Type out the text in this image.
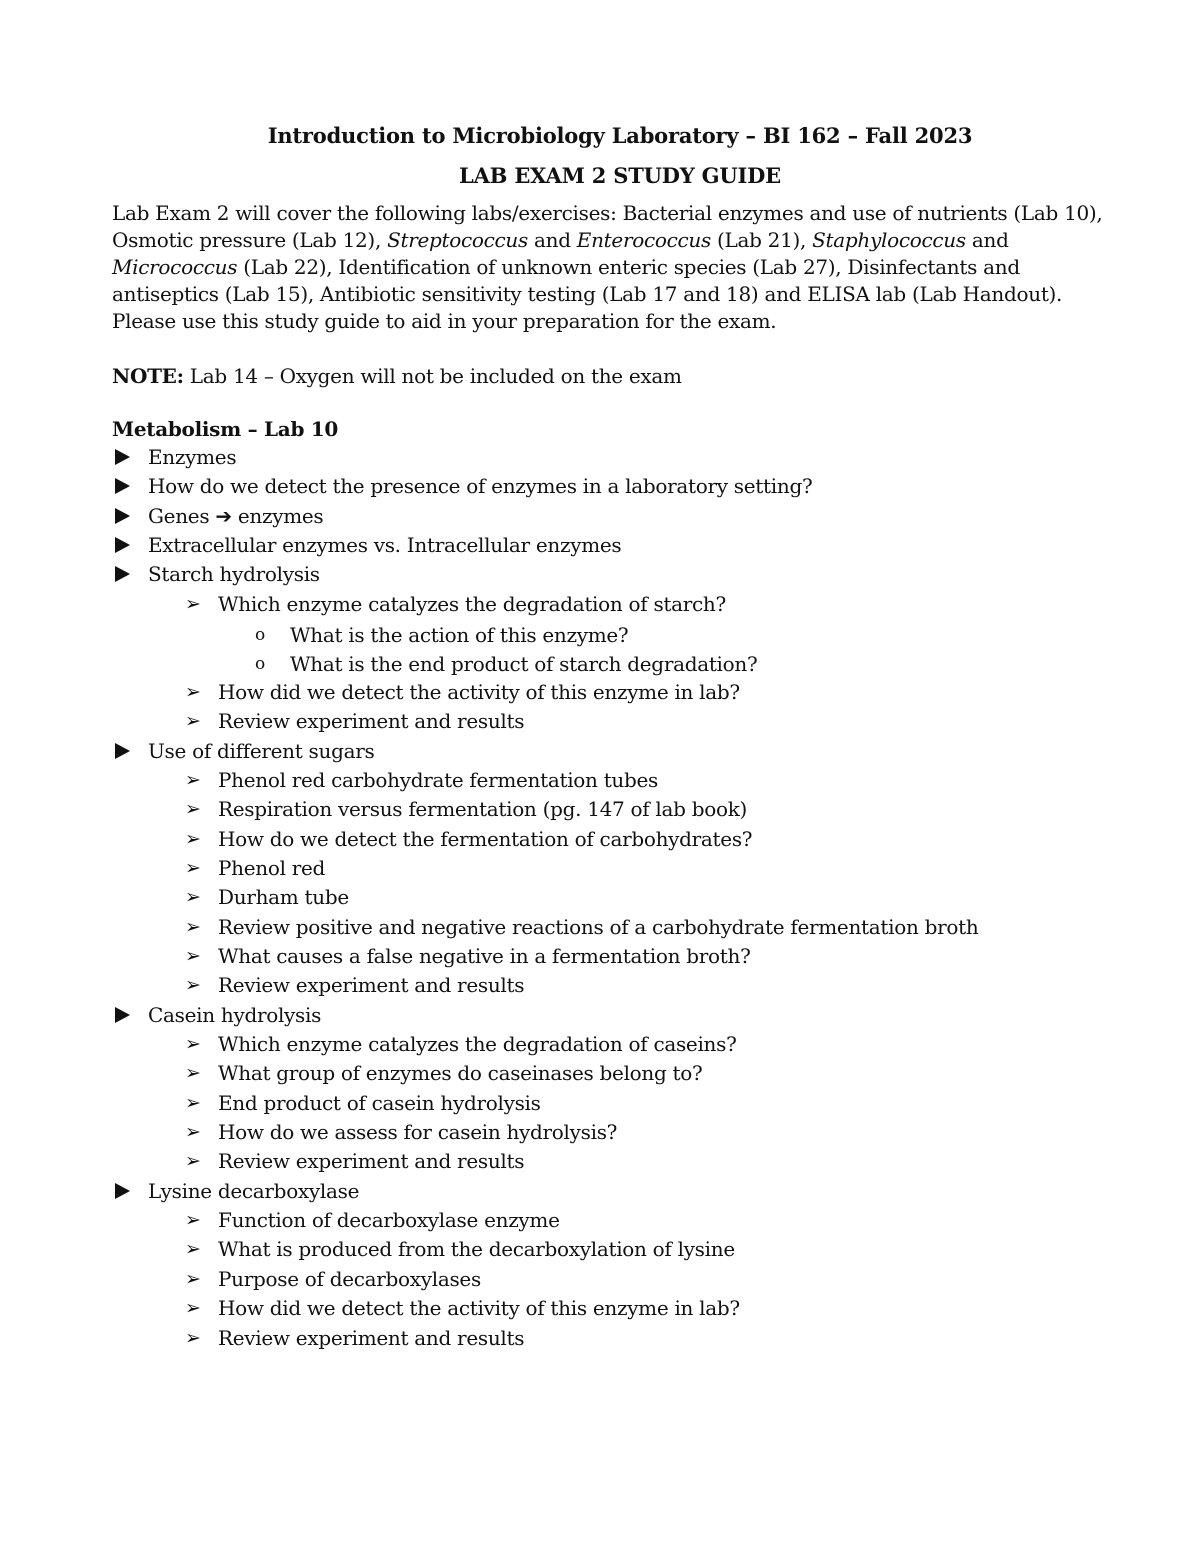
Introduction to Microbiology Laboratory – BI 162 – Fall 2023
LAB EXAM 2 STUDY GUIDE
Lab Exam 2 will cover the following labs/exercises: Bacterial enzymes and use of nutrients (Lab 10), Osmotic pressure (Lab 12), Streptococcus and Enterococcus (Lab 21), Staphylococcus and Micrococcus (Lab 22), Identification of unknown enteric species (Lab 27), Disinfectants and antiseptics (Lab 15), Antibiotic sensitivity testing (Lab 17 and 18) and ELISA lab (Lab Handout). Please use this study guide to aid in your preparation for the exam.
NOTE: Lab 14 – Oxygen will not be included on the exam
Metabolism – Lab 10
Enzymes
How do we detect the presence of enzymes in a laboratory setting?
Genes ➔ enzymes
Extracellular enzymes vs. Intracellular enzymes
Starch hydrolysis
➢ Which enzyme catalyzes the degradation of starch?
o What is the action of this enzyme?
o What is the end product of starch degradation?
➢ How did we detect the activity of this enzyme in lab?
➢ Review experiment and results
Use of different sugars
➢ Phenol red carbohydrate fermentation tubes
➢ Respiration versus fermentation (pg. 147 of lab book)
➢ How do we detect the fermentation of carbohydrates?
➢ Phenol red
➢ Durham tube
➢ Review positive and negative reactions of a carbohydrate fermentation broth
➢ What causes a false negative in a fermentation broth?
➢ Review experiment and results
Casein hydrolysis
➢ Which enzyme catalyzes the degradation of caseins?
➢ What group of enzymes do caseinases belong to?
➢ End product of casein hydrolysis
➢ How do we assess for casein hydrolysis?
➢ Review experiment and results
Lysine decarboxylase
➢ Function of decarboxylase enzyme
➢ What is produced from the decarboxylation of lysine
➢ Purpose of decarboxylases
➢ How did we detect the activity of this enzyme in lab?
➢ Review experiment and results
